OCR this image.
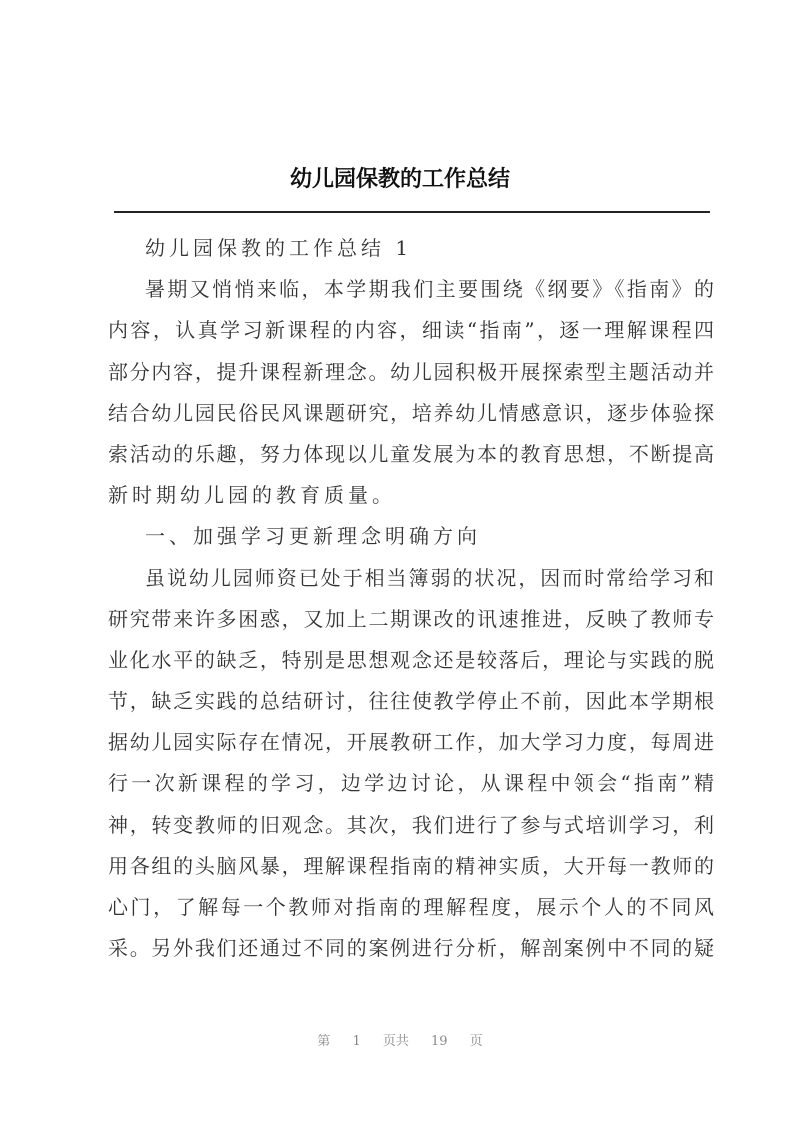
幼儿园保教的工作总结
幼儿园保教的工作总结 1
暑期又悄悄来临，本学期我们主要围绕《纲要》《指南》的
内容，认真学习新课程的内容，细读“指南”，逐一理解课程四
部分内容，提升课程新理念。幼儿园积极开展探索型主题活动并
结合幼儿园民俗民风课题研究，培养幼儿情感意识，逐步体验探
索活动的乐趣，努力体现以儿童发展为本的教育思想，不断提高
新时期幼儿园的教育质量。
一、加强学习更新理念明确方向
虽说幼儿园师资已处于相当簿弱的状况，因而时常给学习和
研究带来许多困惑，又加上二期课改的讯速推进，反映了教师专
业化水平的缺乏，特别是思想观念还是较落后，理论与实践的脱
节，缺乏实践的总结研讨，往往使教学停止不前，因此本学期根
据幼儿园实际存在情况，开展教研工作，加大学习力度，每周进
行一次新课程的学习，边学边讨论，从课程中领会“指南”精
神，转变教师的旧观念。其次，我们进行了参与式培训学习，利
用各组的头脑风暴，理解课程指南的精神实质，大开每一教师的
心门，了解每一个教师对指南的理解程度，展示个人的不同风
采。另外我们还通过不同的案例进行分析，解剖案例中不同的疑
第 1 页共 19 页
